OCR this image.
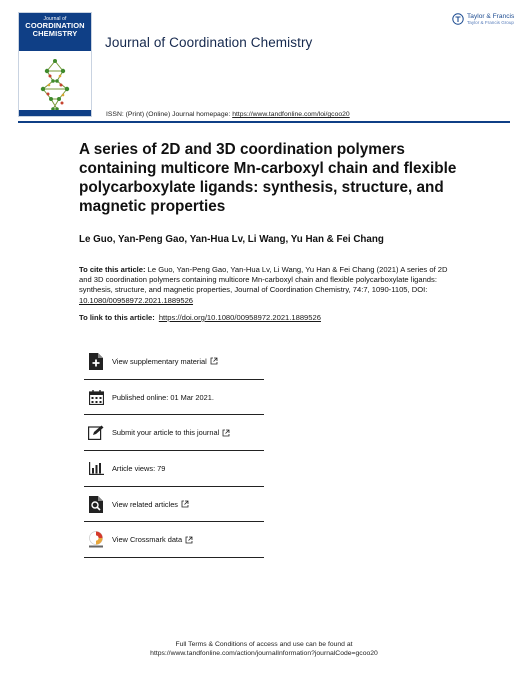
Journal of
COORDINATION
CHEMISTRY
Journal of Coordination Chemistry
Taylor & Francis
Taylor & Francis Group
ISSN: (Print) (Online) Journal homepage: https://www.tandfonline.com/loi/gcoo20
A series of 2D and 3D coordination polymers containing multicore Mn-carboxyl chain and flexible polycarboxylate ligands: synthesis, structure, and magnetic properties
Le Guo, Yan-Peng Gao, Yan-Hua Lv, Li Wang, Yu Han & Fei Chang
To cite this article: Le Guo, Yan-Peng Gao, Yan-Hua Lv, Li Wang, Yu Han & Fei Chang (2021) A series of 2D and 3D coordination polymers containing multicore Mn-carboxyl chain and flexible polycarboxylate ligands: synthesis, structure, and magnetic properties, Journal of Coordination Chemistry, 74:7, 1090-1105, DOI: 10.1080/00958972.2021.1889526
To link to this article: https://doi.org/10.1080/00958972.2021.1889526
View supplementary material
Published online: 01 Mar 2021.
Submit your article to this journal
Article views: 79
View related articles
View Crossmark data
Full Terms & Conditions of access and use can be found at
https://www.tandfonline.com/action/journalInformation?journalCode=gcoo20
